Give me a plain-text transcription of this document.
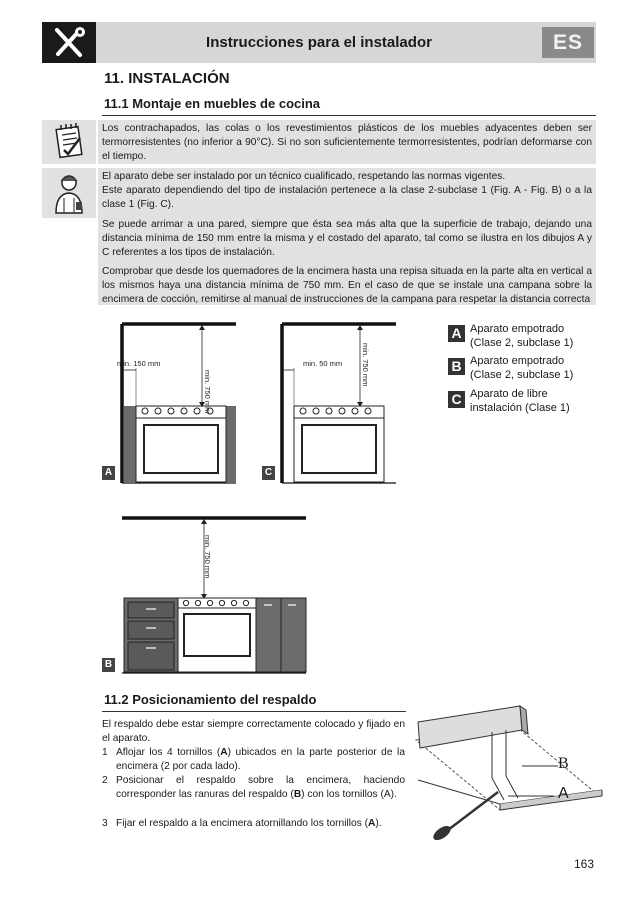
Instrucciones para el instalador	ES
11. INSTALACIÓN
11.1 Montaje en muebles de cocina
Los contrachapados, las colas o los revestimientos plásticos de los muebles adyacentes deben ser termorresistentes (no inferior a 90°C). Si no son suficientemente termorresistentes, podrían deformarse con el tiempo.
El aparato debe ser instalado por un técnico cualificado, respetando las normas vigentes.
Este aparato dependiendo del tipo de instalación pertenece a la clase 2-subclase 1 (Fig. A - Fig. B) o a la clase 1 (Fig. C).
Se puede arrimar a una pared, siempre que ésta sea más alta que la superficie de trabajo, dejando una distancia mínima de 150 mm entre la misma y el costado del aparato, tal como se ilustra en los dibujos A y C referentes a los tipos de instalación.
Comprobar que desde los quemadores de la encimera hasta una repisa situada en la parte alta en vertical a los mismos haya una distancia mínima de 750 mm. En el caso de que se instale una campana sobre la encimera de cocción, remitirse al manual de instrucciones de la campana para respetar la distancia correcta
min. 150 mm
min. 750 mm
A
min. 50 mm	min. 750 mm
C
A Aparato empotrado
(Clase 2, subclase 1)
B Aparato empotrado
(Clase 2, subclase 1)
C Aparato de libre
instalación (Clase 1)
min. 750 mm
B
11.2 Posicionamiento del respaldo
El respaldo debe estar siempre correctamente colocado y fijado en el aparato.
1 Aflojar los 4 tornillos (A) ubicados en la parte posterior de la encimera (2 por cada lado).
2 Posicionar el respaldo sobre la encimera, haciendo corresponder las ranuras del respaldo (B) con los tornillos (A).
3 Fijar el respaldo a la encimera atornillando los tornillos (A).
B
A
163
